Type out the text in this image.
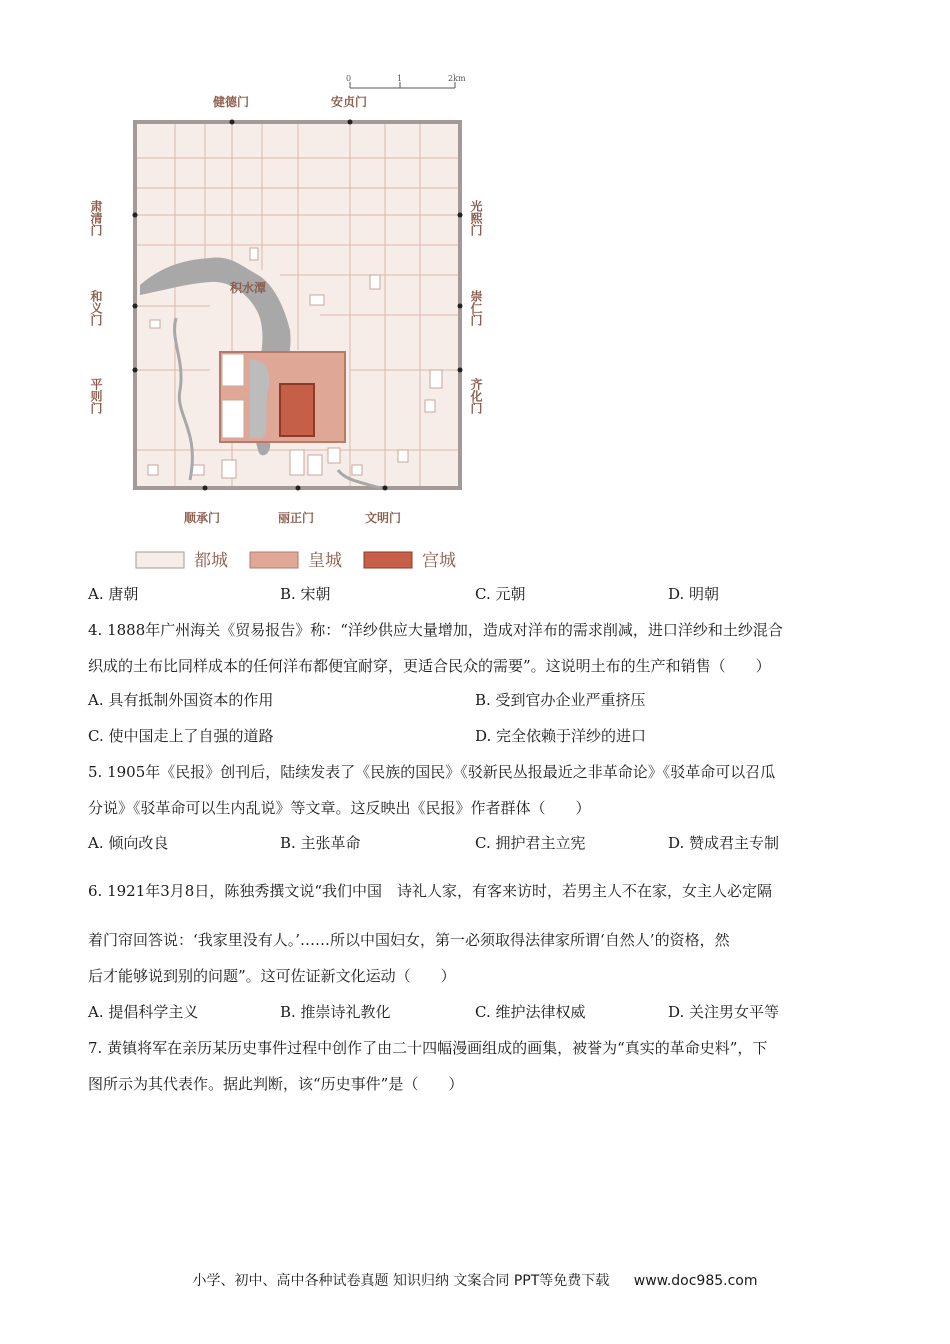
0	1	2km
积水潭
健德门	安贞门
肃清门
和义门
平则门
光熙门
崇仁门
齐化门
顺承门	丽正门	文明门
都城	皇城	宫城
A. 唐朝	B. 宋朝	C. 元朝	D. 明朝
4. 1888年广州海关《贸易报告》称：“洋纱供应大量增加，造成对洋布的需求削减，进口洋纱和土纱混合
织成的土布比同样成本的任何洋布都便宜耐穿，更适合民众的需要”。这说明土布的生产和销售（　　）
A. 具有抵制外国资本的作用	B. 受到官办企业严重挤压
C. 使中国走上了自强的道路	D. 完全依赖于洋纱的进口
5. 1905年《民报》创刊后，陆续发表了《民族的国民》《驳新民丛报最近之非革命论》《驳革命可以召瓜
分说》《驳革命可以生内乱说》等文章。这反映出《民报》作者群体（　　）
A. 倾向改良	B. 主张革命	C. 拥护君主立宪	D. 赞成君主专制
6. 1921年3月8日，陈独秀撰文说“我们中国　诗礼人家，有客来访时，若男主人不在家，女主人必定隔
着门帘回答说：‘我家里没有人。’……所以中国妇女，第一必须取得法律家所谓‘自然人’的资格，然
后才能够说到别的问题”。这可佐证新文化运动（　　）
A. 提倡科学主义	B. 推崇诗礼教化	C. 维护法律权威	D. 关注男女平等
7. 黄镇将军在亲历某历史事件过程中创作了由二十四幅漫画组成的画集，被誉为“真实的革命史料”，下
图所示为其代表作。据此判断，该“历史事件”是（　　）
小学、初中、高中各种试卷真题 知识归纳 文案合同 PPT等免费下载 www.doc985.com
